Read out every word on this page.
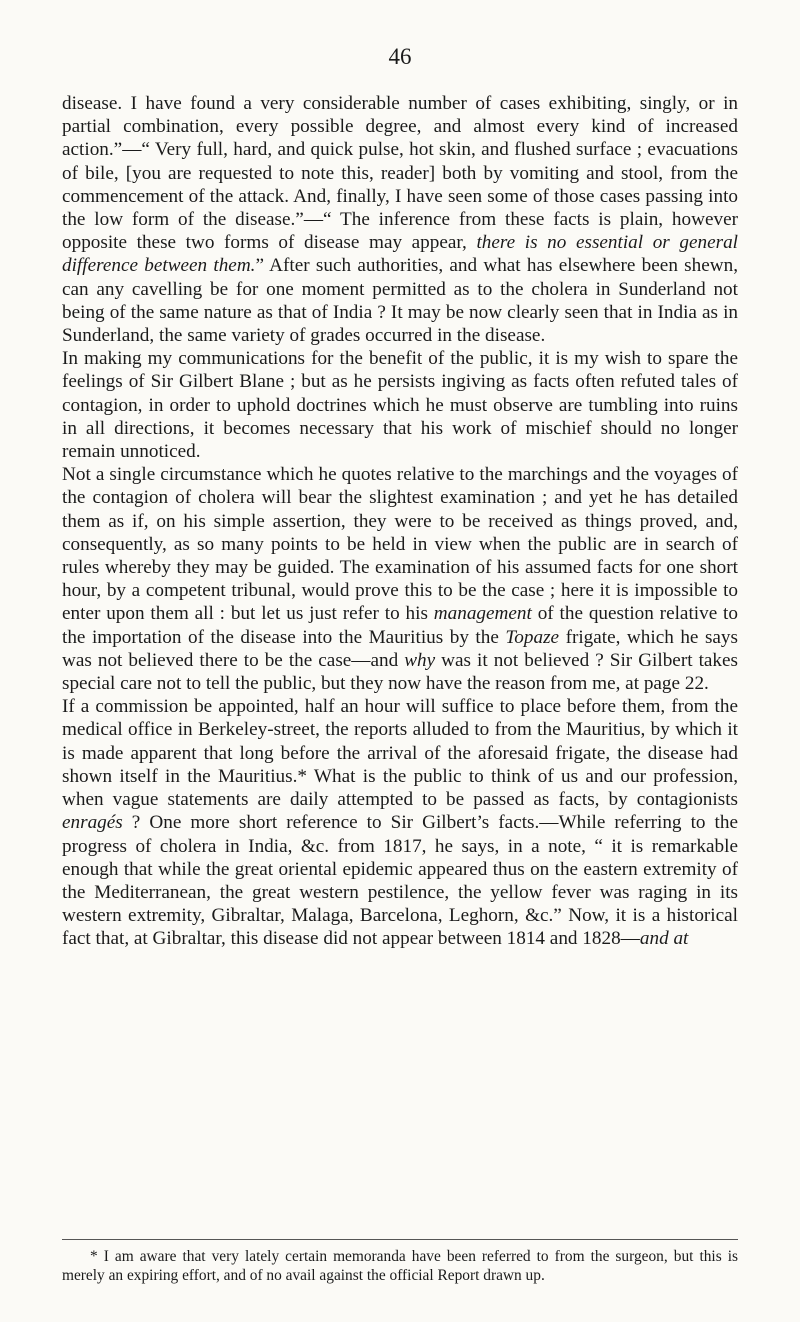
46

disease. I have found a very considerable number of cases exhibiting, singly, or in partial combination, every possible degree, and almost every kind of increased action.”—“ Very full, hard, and quick pulse, hot skin, and flushed surface ; evacuations of bile, [you are requested to note this, reader] both by vomiting and stool, from the commencement of the attack. And, finally, I have seen some of those cases passing into the low form of the disease.”—“ The inference from these facts is plain, however opposite these two forms of disease may appear, there is no essential or general difference between them.” After such authorities, and what has elsewhere been shewn, can any cavelling be for one moment permitted as to the cholera in Sunderland not being of the same nature as that of India ? It may be now clearly seen that in India as in Sunderland, the same variety of grades occurred in the disease.

In making my communications for the benefit of the public, it is my wish to spare the feelings of Sir Gilbert Blane ; but as he persists ingiving as facts often refuted tales of contagion, in order to uphold doctrines which he must observe are tumbling into ruins in all directions, it becomes necessary that his work of mischief should no longer remain unnoticed.

Not a single circumstance which he quotes relative to the marchings and the voyages of the contagion of cholera will bear the slightest examination ; and yet he has detailed them as if, on his simple assertion, they were to be received as things proved, and, consequently, as so many points to be held in view when the public are in search of rules whereby they may be guided. The examination of his assumed facts for one short hour, by a competent tribunal, would prove this to be the case ; here it is impossible to enter upon them all : but let us just refer to his management of the question relative to the importation of the disease into the Mauritius by the Topaze frigate, which he says was not believed there to be the case—and why was it not believed ? Sir Gilbert takes special care not to tell the public, but they now have the reason from me, at page 22.

If a commission be appointed, half an hour will suffice to place before them, from the medical office in Berkeley-street, the reports alluded to from the Mauritius, by which it is made apparent that long before the arrival of the aforesaid frigate, the disease had shown itself in the Mauritius.* What is the public to think of us and our profession, when vague statements are daily attempted to be passed as facts, by contagionists enragés ? One more short reference to Sir Gilbert’s facts.—While referring to the progress of cholera in India, &c. from 1817, he says, in a note, “ it is remarkable enough that while the great oriental epidemic appeared thus on the eastern extremity of the Mediterranean, the great western pestilence, the yellow fever was raging in its western extremity, Gibraltar, Malaga, Barcelona, Leghorn, &c.” Now, it is a historical fact that, at Gibraltar, this disease did not appear between 1814 and 1828—and at

* I am aware that very lately certain memoranda have been referred to from the surgeon, but this is merely an expiring effort, and of no avail against the official Report drawn up.
